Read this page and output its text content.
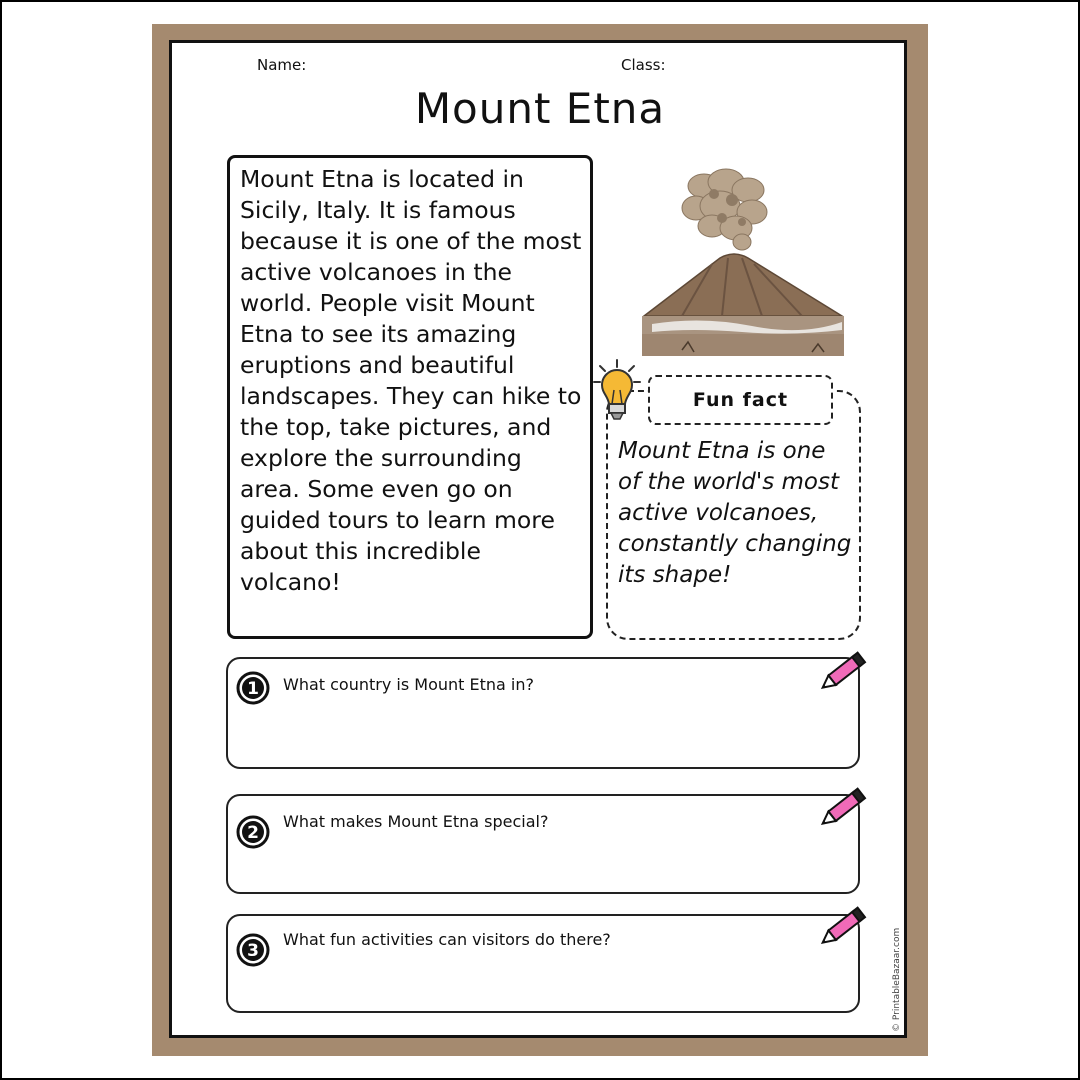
Name:	Class:
Mount Etna

Mount Etna is located in Sicily, Italy. It is famous because it is one of the most active volcanoes in the world. People visit Mount Etna to see its amazing eruptions and beautiful landscapes. They can hike to the top, take pictures, and explore the surrounding area. Some even go on guided tours to learn more about this incredible volcano!

Fun fact

Mount Etna is one of the world's most active volcanoes, constantly changing its shape!

1 What country is Mount Etna in?
2
What makes Mount Etna special?
3
What fun activities can visitors do there?	© PrintableBazaar.com
